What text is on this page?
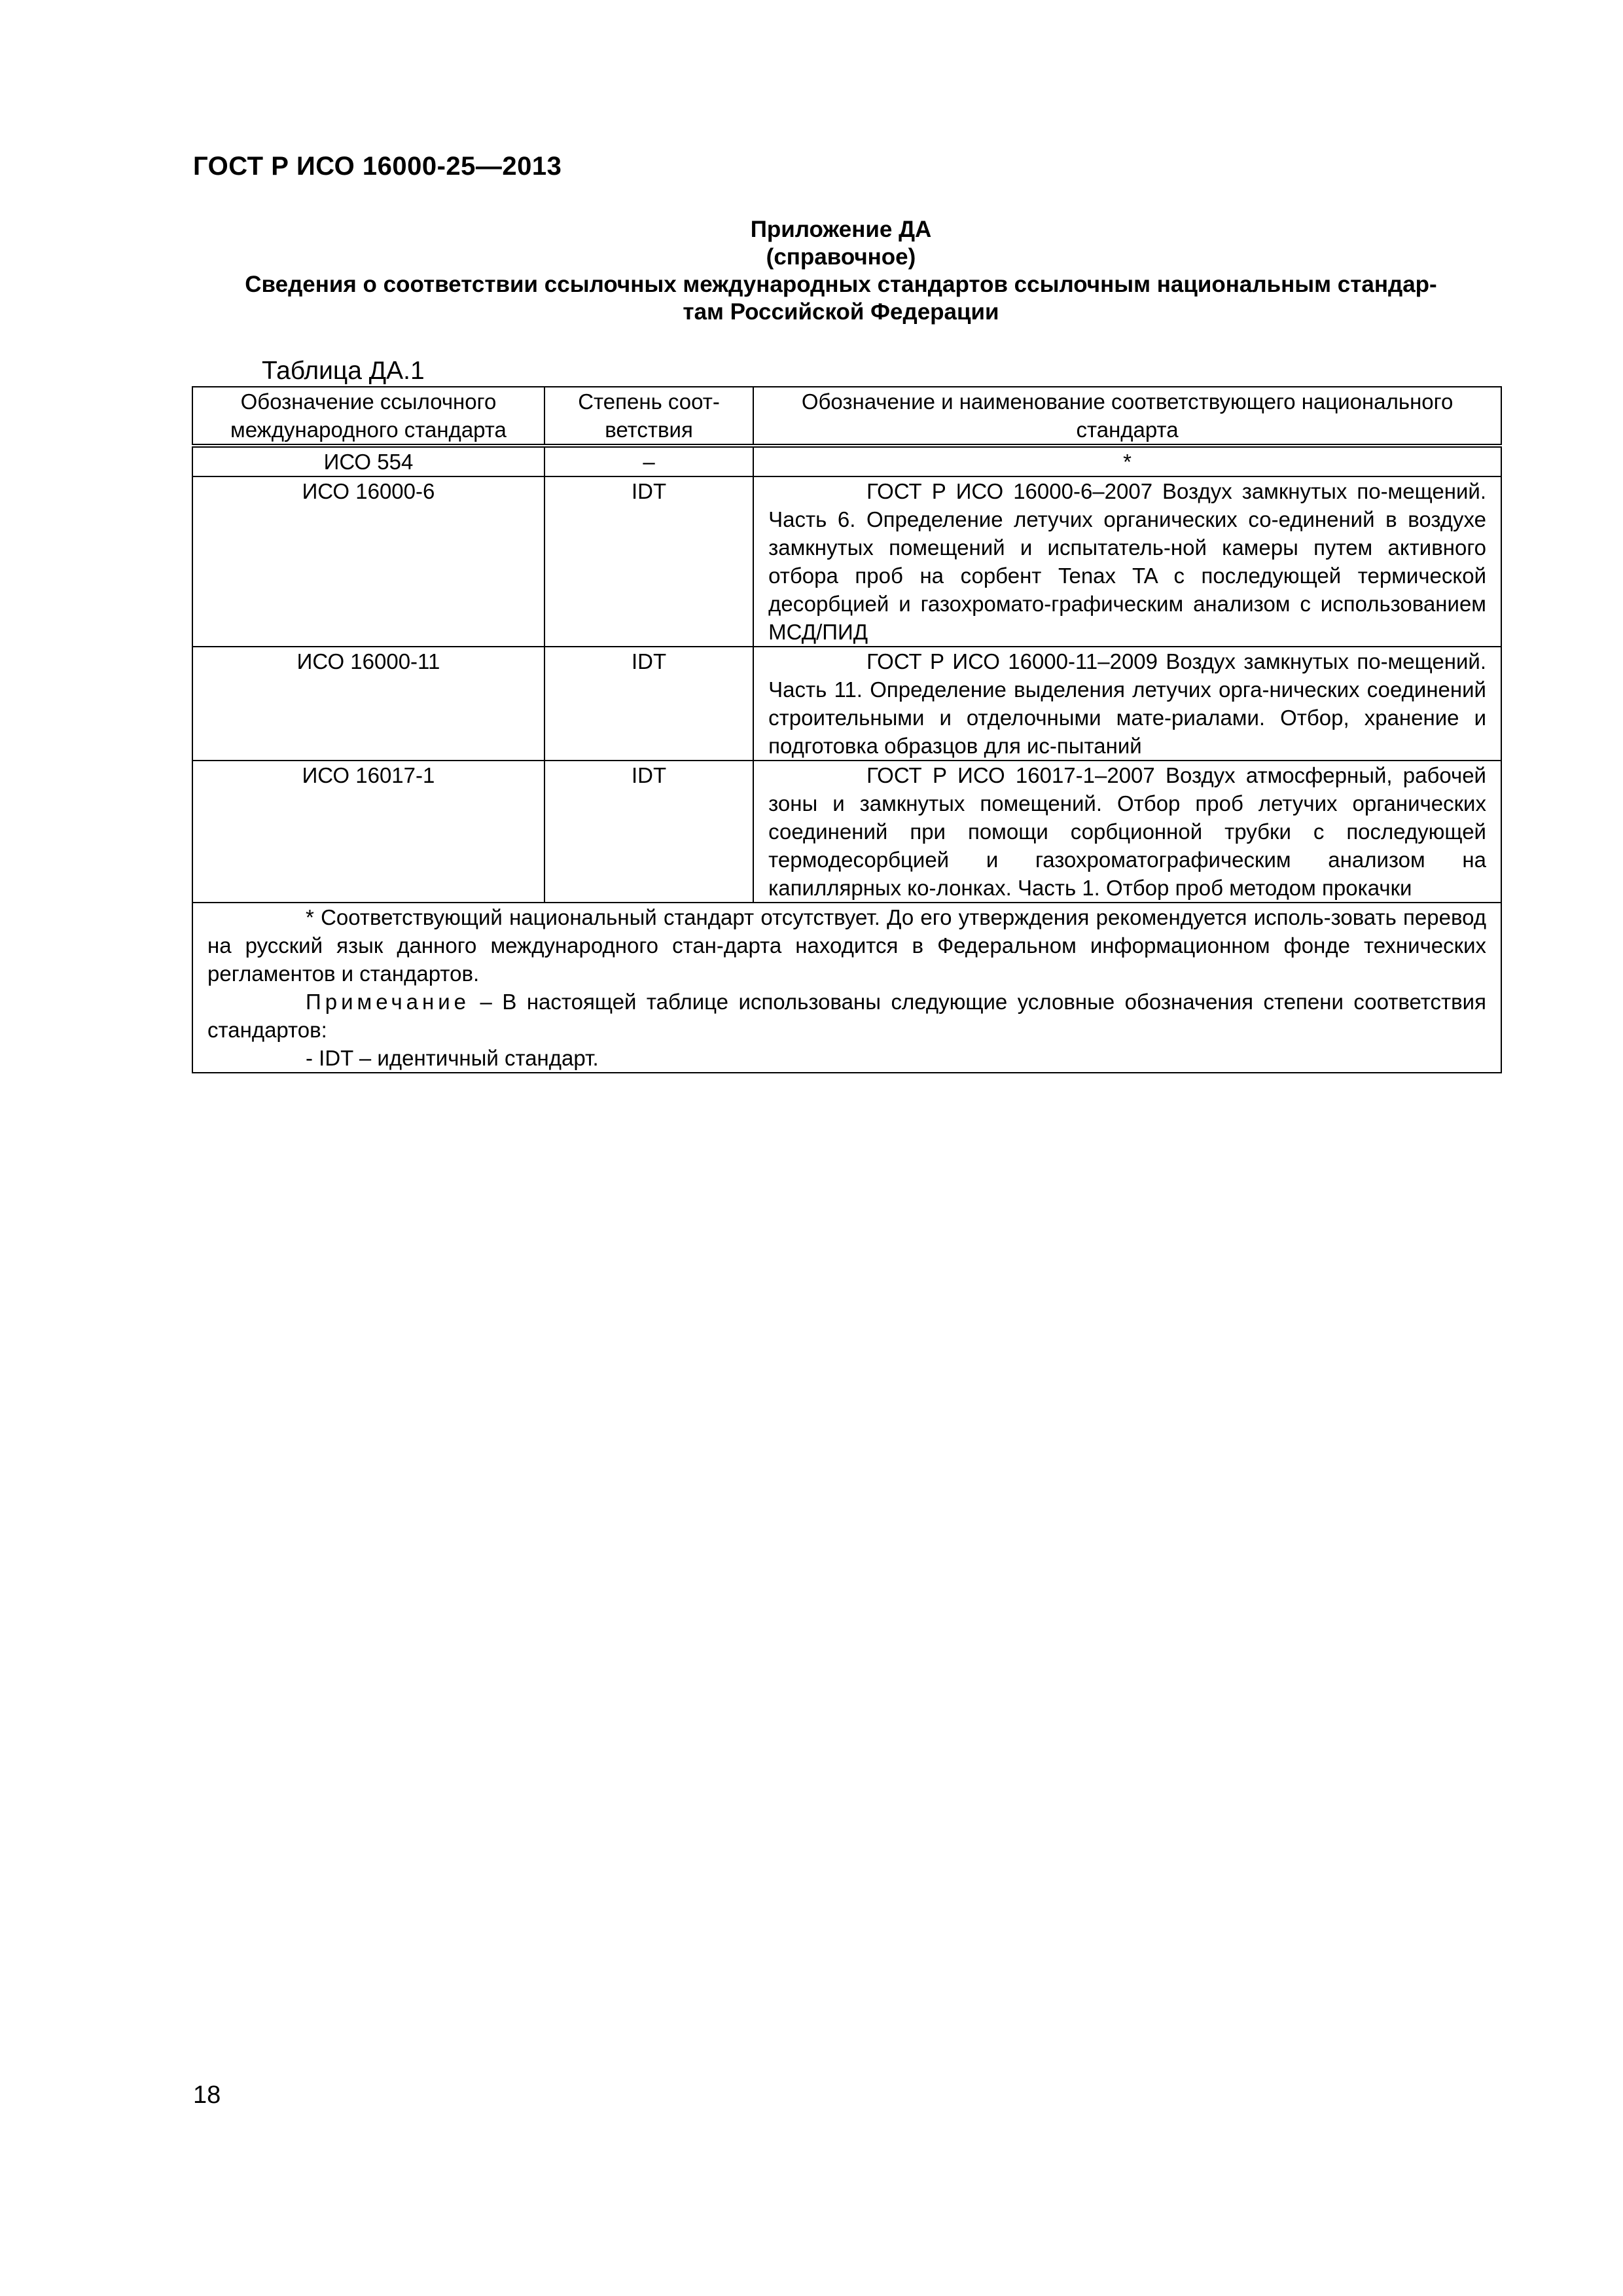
ГОСТ Р ИСО 16000-25—2013
Приложение ДА
(справочное)
Сведения о соответствии ссылочных международных стандартов ссылочным национальным стандар-
там Российской Федерации
Таблица ДА.1
Обозначение ссылочного международного стандарта	Степень соот- ветствия	Обозначение и наименование соответствующего национального стандарта
ИСО 554	–	*
ИСО 16000-6	IDT	ГОСТ Р ИСО 16000-6–2007 Воздух замкнутых по-мещений. Часть 6. Определение летучих органических со-единений в воздухе замкнутых помещений и испытатель-ной камеры путем активного отбора проб на сорбент Tenax TA с последующей термической десорбцией и газохромато-графическим анализом с использованием МСД/ПИД
ИСО 16000-11	IDT	ГОСТ Р ИСО 16000-11–2009 Воздух замкнутых по-мещений. Часть 11. Определение выделения летучих орга-нических соединений строительными и отделочными мате-риалами. Отбор, хранение и подготовка образцов для ис-пытаний
ИСО 16017-1	IDT	ГОСТ Р ИСО 16017-1–2007 Воздух атмосферный, рабочей зоны и замкнутых помещений. Отбор проб летучих органических соединений при помощи сорбционной трубки с последующей термодесорбцией и газохроматографическим анализом на капиллярных ко-лонках. Часть 1. Отбор проб методом прокачки

* Соответствующий национальный стандарт отсутствует. До его утверждения рекомендуется исполь-зовать перевод на русский язык данного международного стан-дарта находится в Федеральном информационном фонде технических регламентов и стандартов.

Примечание – В настоящей таблице использованы следующие условные обозначения степени соответствия стандартов:

- IDT – идентичный стандарт.		

18
